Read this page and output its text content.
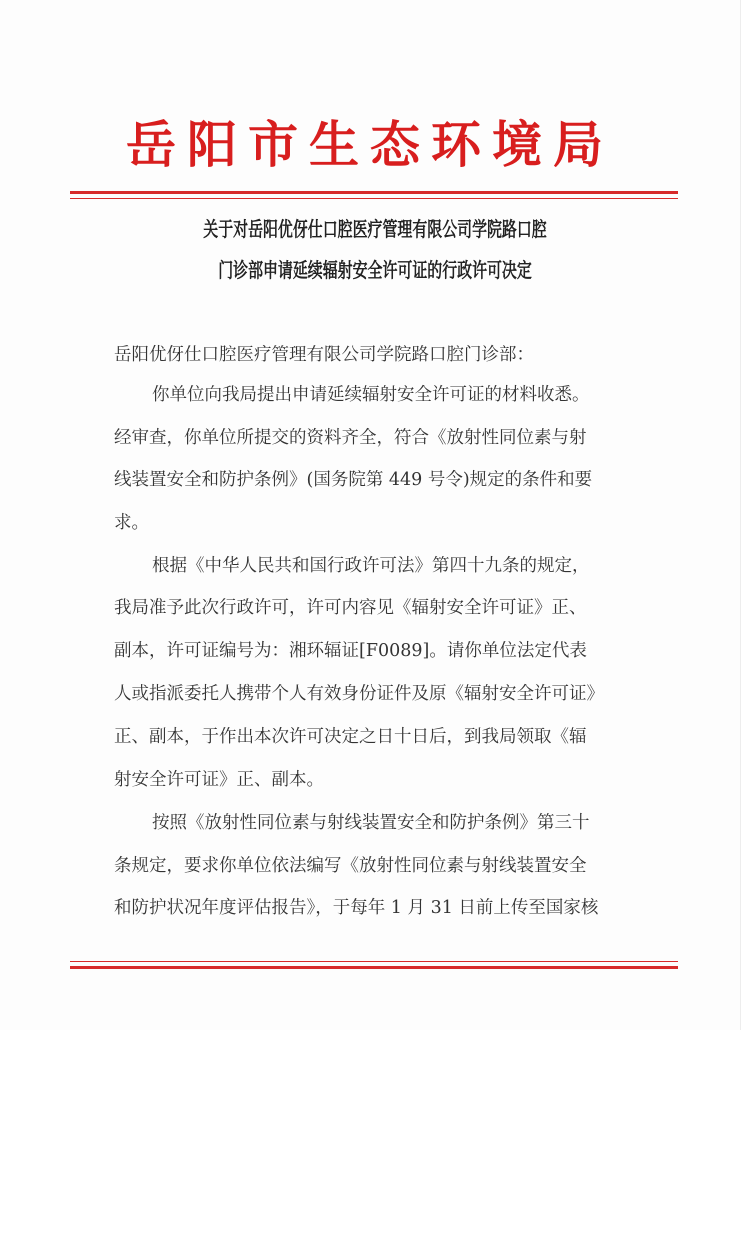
岳阳市生态环境局
关于对岳阳优伢仕口腔医疗管理有限公司学院路口腔
门诊部申请延续辐射安全许可证的行政许可决定
岳阳优伢仕口腔医疗管理有限公司学院路口腔门诊部：
你单位向我局提出申请延续辐射安全许可证的材料收悉。
经审查，你单位所提交的资料齐全，符合《放射性同位素与射
线装置安全和防护条例》(国务院第 449 号令)规定的条件和要
求。
根据《中华人民共和国行政许可法》第四十九条的规定，
我局准予此次行政许可，许可内容见《辐射安全许可证》正、
副本，许可证编号为：湘环辐证[F0089]。请你单位法定代表
人或指派委托人携带个人有效身份证件及原《辐射安全许可证》
正、副本，于作出本次许可决定之日十日后，到我局领取《辐
射安全许可证》正、副本。
按照《放射性同位素与射线装置安全和防护条例》第三十
条规定，要求你单位依法编写《放射性同位素与射线装置安全
和防护状况年度评估报告》，于每年 1 月 31 日前上传至国家核
